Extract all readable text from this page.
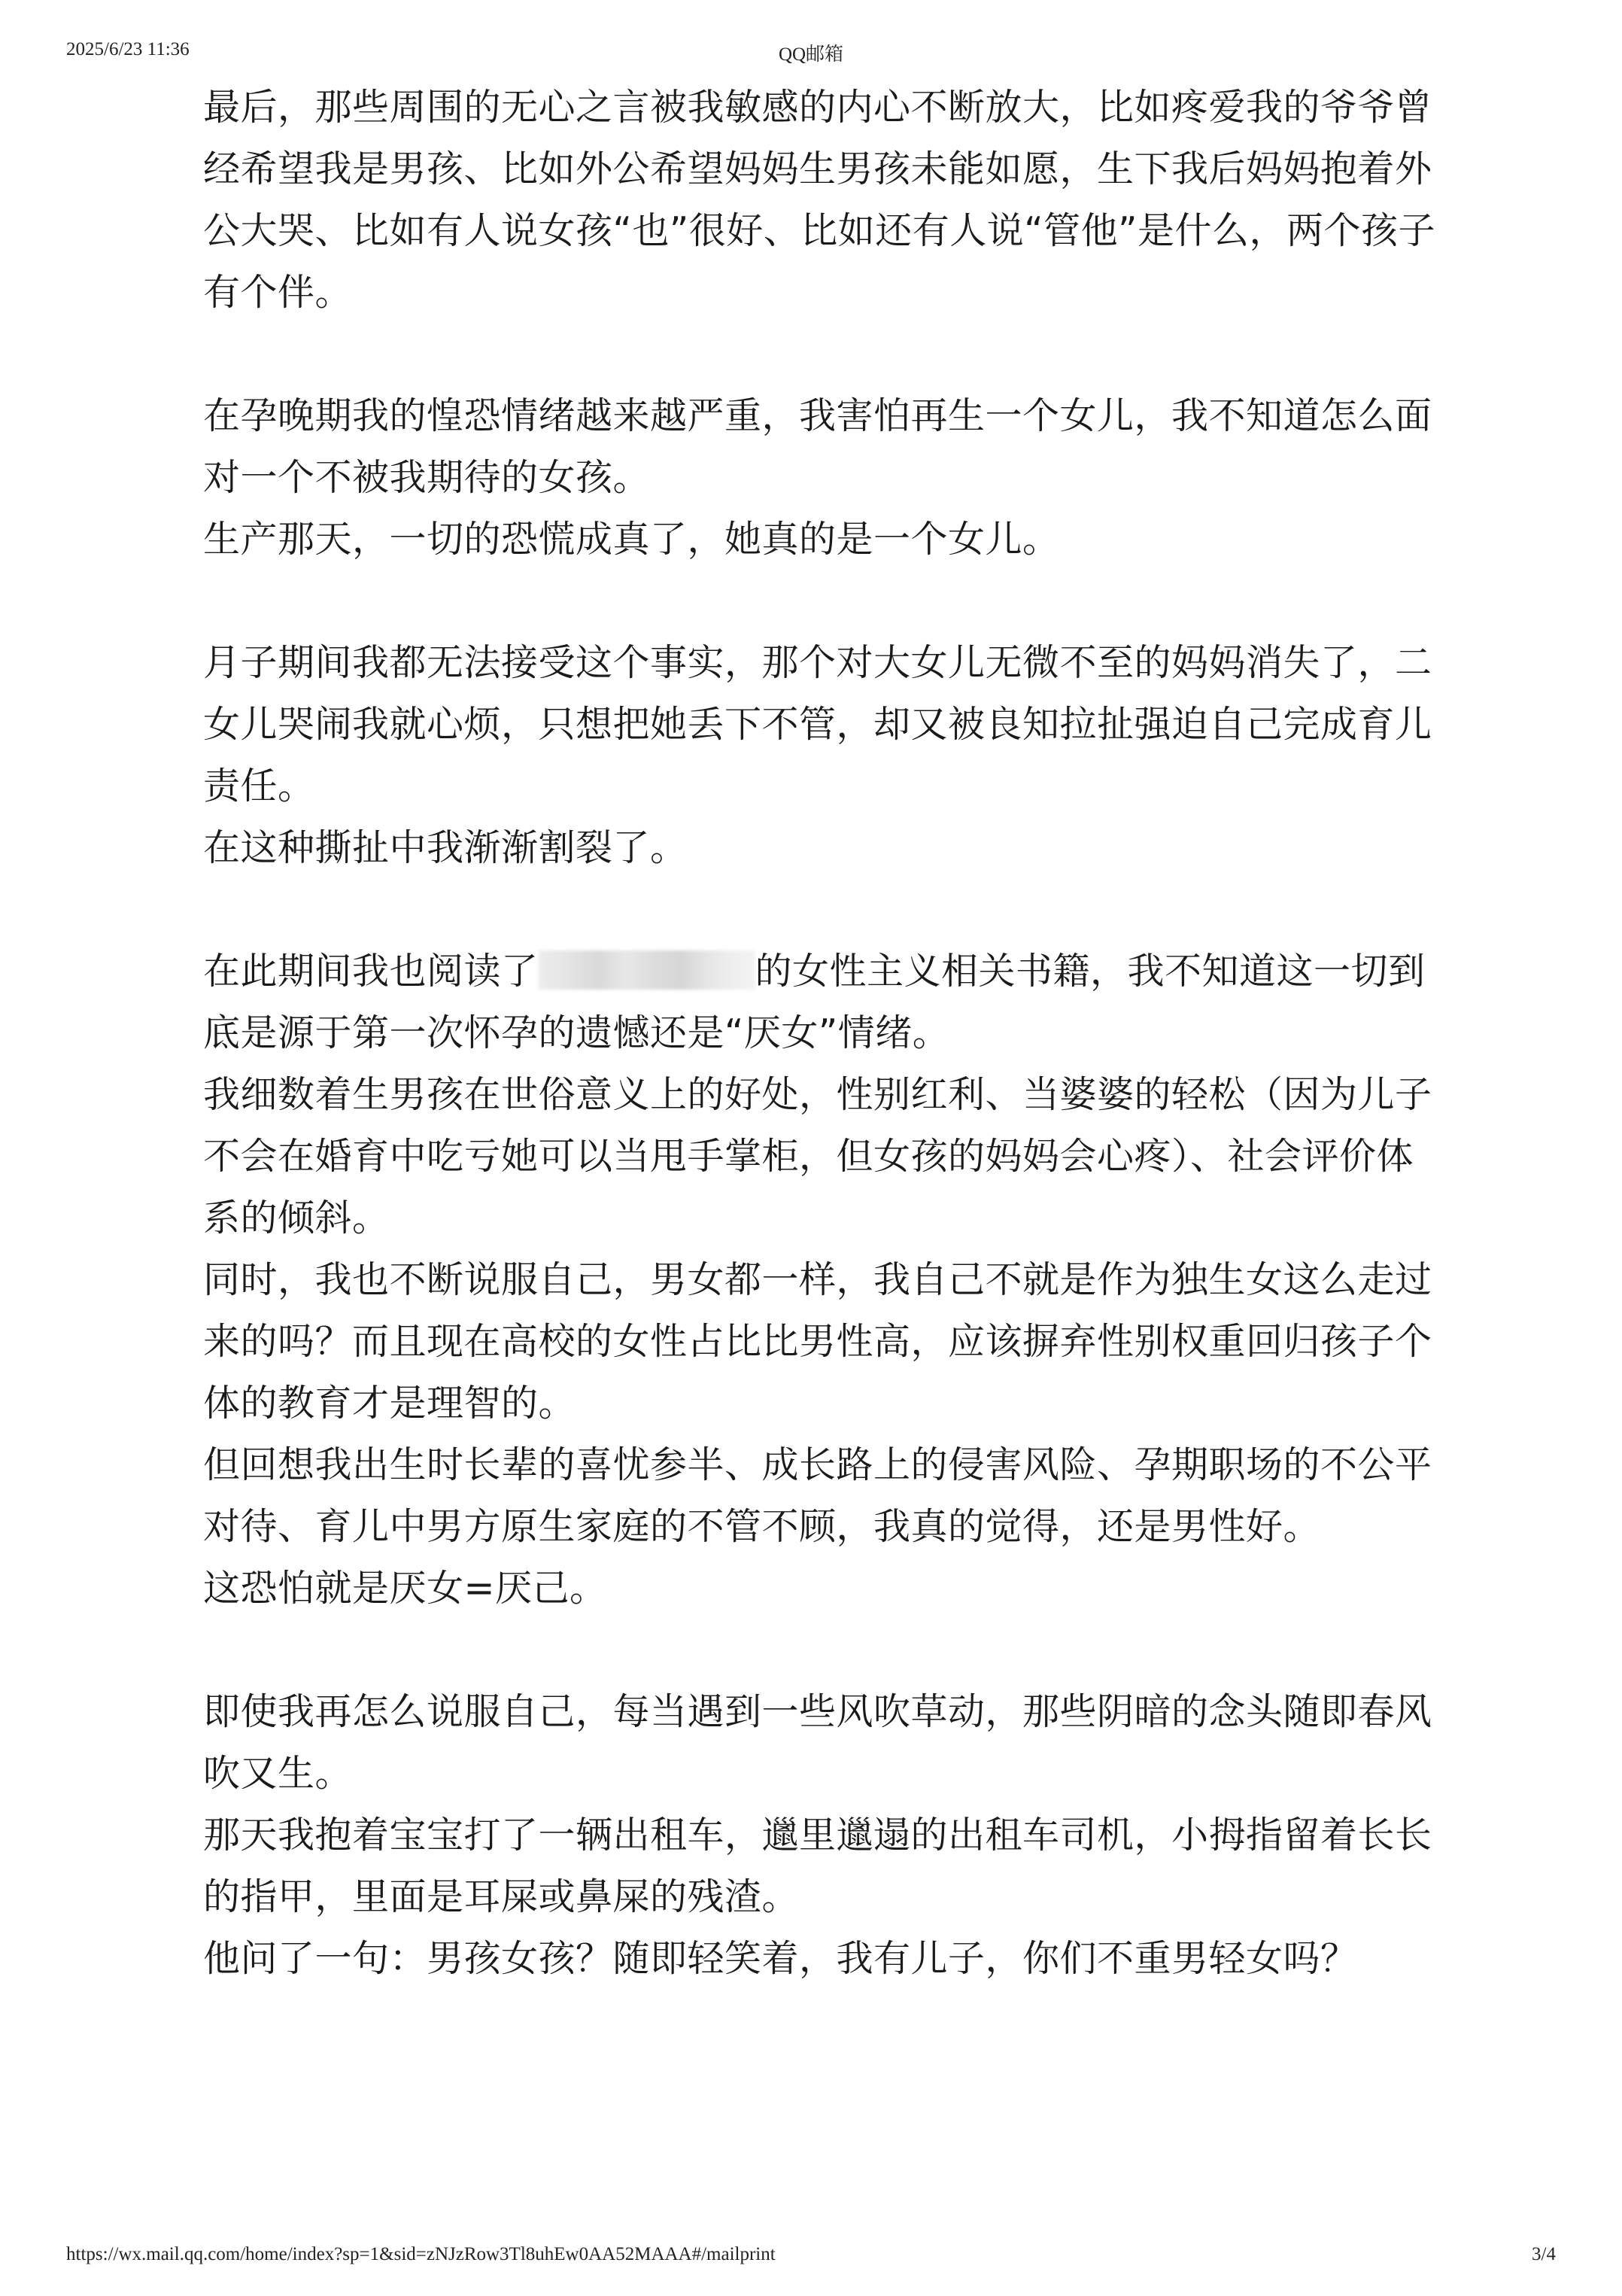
2025/6/23 11:36	QQ邮箱

最后，那些周围的无心之言被我敏感的内心不断放大，比如疼爱我的爷爷曾经希望我是男孩、比如外公希望妈妈生男孩未能如愿，生下我后妈妈抱着外公大哭、比如有人说女孩“也”很好、比如还有人说“管他”是什么，两个孩子有个伴。

在孕晚期我的惶恐情绪越来越严重，我害怕再生一个女儿，我不知道怎么面对一个不被我期待的女孩。

生产那天，一切的恐慌成真了，她真的是一个女儿。

月子期间我都无法接受这个事实，那个对大女儿无微不至的妈妈消失了，二女儿哭闹我就心烦，只想把她丢下不管，却又被良知拉扯强迫自己完成育儿责任。

在这种撕扯中我渐渐割裂了。

在此期间我也阅读了	的女性主义相关书籍，我不知道这一切到底是源于第一次怀孕的遗憾还是“厌女”情绪。

我细数着生男孩在世俗意义上的好处，性别红利、当婆婆的轻松（因为儿子不会在婚育中吃亏她可以当甩手掌柜，但女孩的妈妈会心疼）、社会评价体系的倾斜。

同时，我也不断说服自己，男女都一样，我自己不就是作为独生女这么走过来的吗？而且现在高校的女性占比比男性高，应该摒弃性别权重回归孩子个体的教育才是理智的。

但回想我出生时长辈的喜忧参半、成长路上的侵害风险、孕期职场的不公平对待、育儿中男方原生家庭的不管不顾，我真的觉得，还是男性好。

这恐怕就是厌女=厌己。

即使我再怎么说服自己，每当遇到一些风吹草动，那些阴暗的念头随即春风吹又生。

那天我抱着宝宝打了一辆出租车，邋里邋遢的出租车司机，小拇指留着长长的指甲，里面是耳屎或鼻屎的残渣。

他问了一句：男孩女孩？随即轻笑着，我有儿子，你们不重男轻女吗？

https://wx.mail.qq.com/home/index?sp=1&sid=zNJzRow3Tl8uhEw0AA52MAAA#/mailprint	3/4
